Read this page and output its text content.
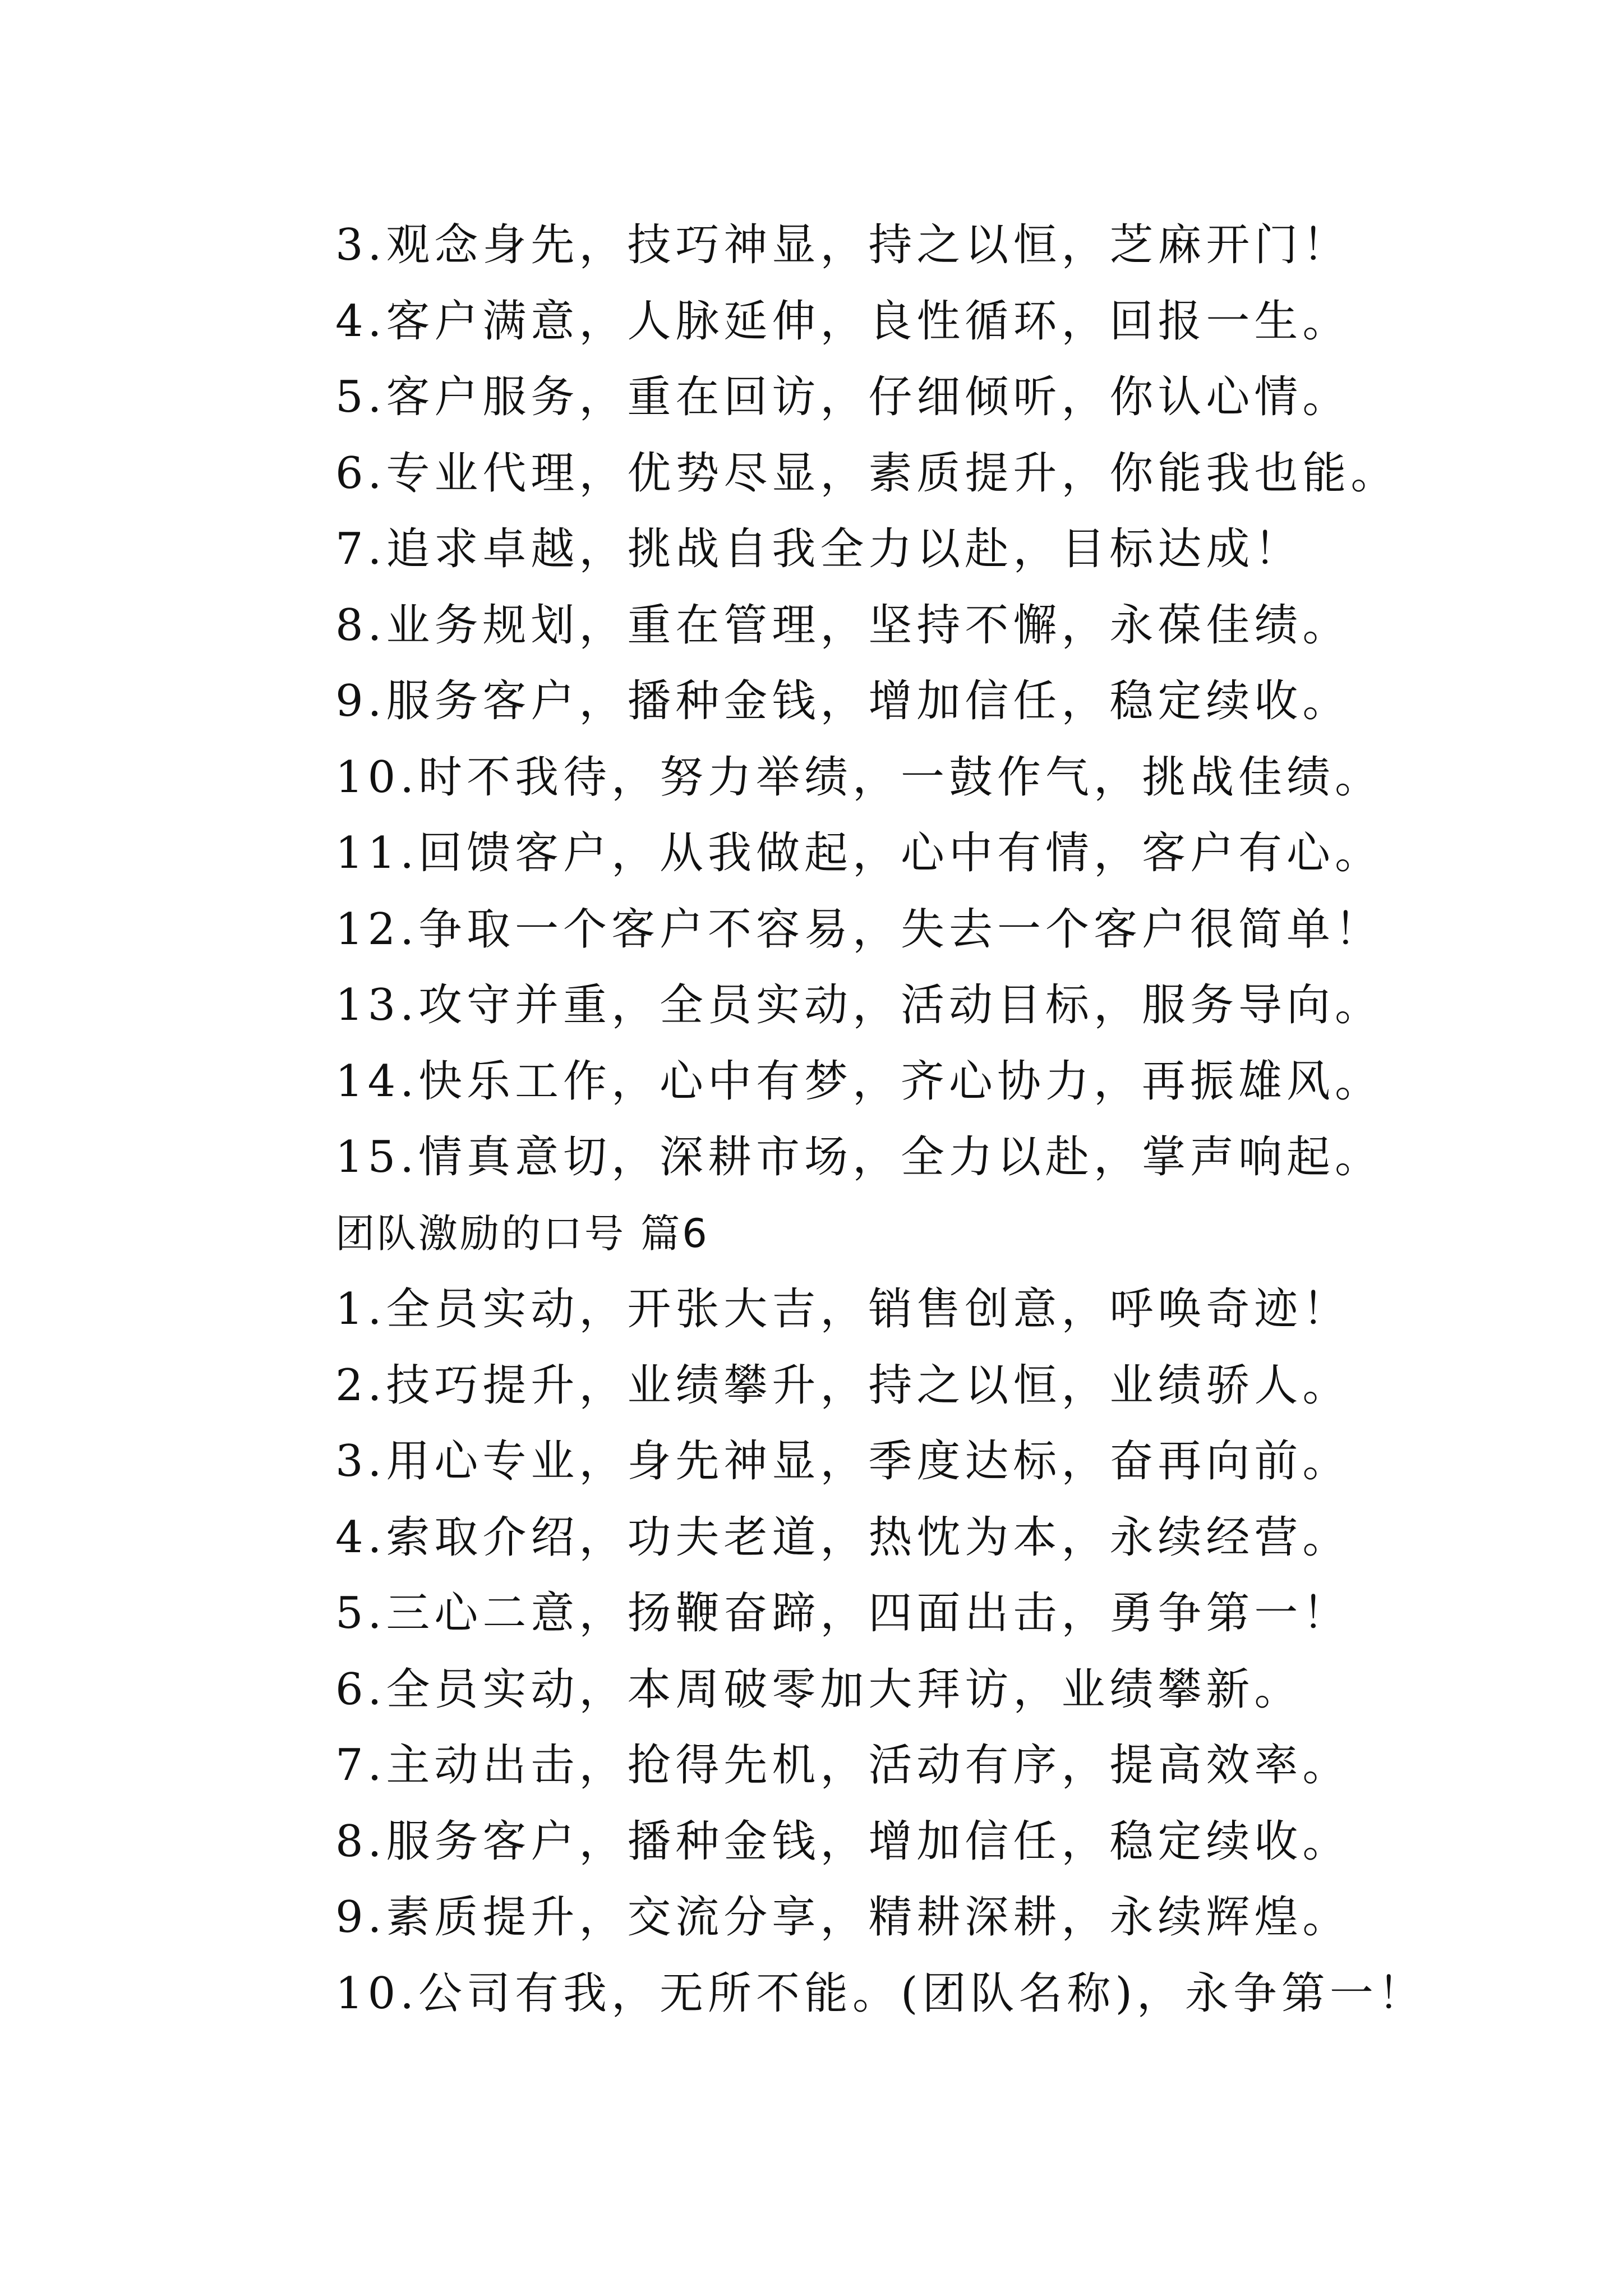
3.观念身先，技巧神显，持之以恒，芝麻开门！
4.客户满意，人脉延伸，良性循环，回报一生。
5.客户服务，重在回访，仔细倾听，你认心情。
6.专业代理，优势尽显，素质提升，你能我也能。
7.追求卓越，挑战自我全力以赴，目标达成！
8.业务规划，重在管理，坚持不懈，永葆佳绩。
9.服务客户，播种金钱，增加信任，稳定续收。
10.时不我待，努力举绩，一鼓作气，挑战佳绩。
11.回馈客户，从我做起，心中有情，客户有心。
12.争取一个客户不容易，失去一个客户很简单！
13.攻守并重，全员实动，活动目标，服务导向。
14.快乐工作，心中有梦，齐心协力，再振雄风。
15.情真意切，深耕市场，全力以赴，掌声响起。
团队激励的口号 篇6
1.全员实动，开张大吉，销售创意，呼唤奇迹！
2.技巧提升，业绩攀升，持之以恒，业绩骄人。
3.用心专业，身先神显，季度达标，奋再向前。
4.索取介绍，功夫老道，热忱为本，永续经营。
5.三心二意，扬鞭奋蹄，四面出击，勇争第一！
6.全员实动，本周破零加大拜访，业绩攀新。
7.主动出击，抢得先机，活动有序，提高效率。
8.服务客户，播种金钱，增加信任，稳定续收。
9.素质提升，交流分享，精耕深耕，永续辉煌。
10.公司有我，无所不能。(团队名称)，永争第一！
